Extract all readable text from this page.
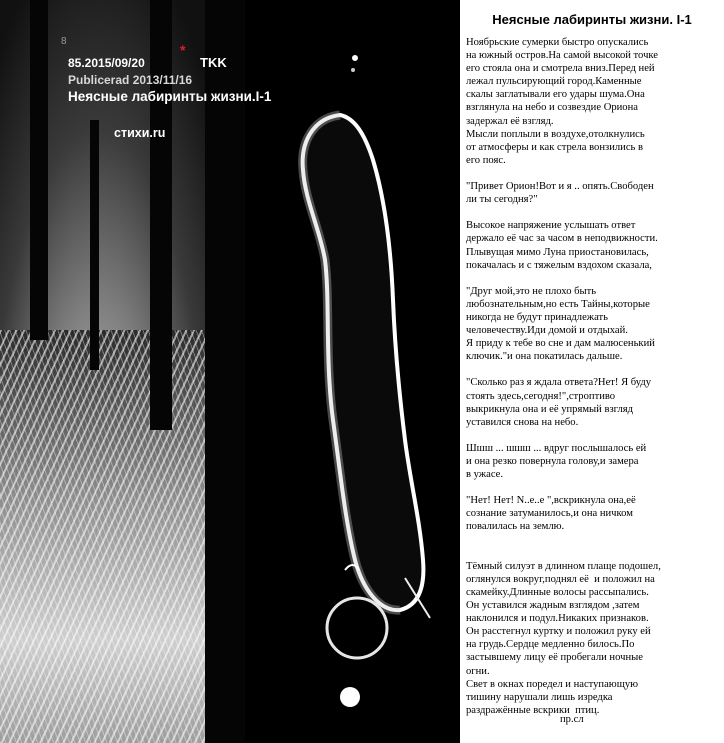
8
*
85.2015/09/20	TKK
Publicerad 2013/11/16
Неясные лабиринты жизни.I-1
стихи.ru
Неясные лабиринты жизни. I-1
Ноябрьские сумерки быстро опускались
на южный остров.На самой высокой точке
его стояла она и смотрела вниз.Перед ней
лежал пульсирующий город.Каменные
скалы заглатывали его удары шума.Она
взглянула на небо и созвездие Ориона
задержал её взгляд.
Мысли поплыли в воздухе,отолкнулись
от атмосферы и как стрела вонзились в
его пояс.

"Привет Орион!Вот и я .. опять.Свободен
ли ты сегодня?"

Высокое напряжение услышать ответ
держало её час за часом в неподвижности.
Плывущая мимо Луна приостановилась,
покачалась и с тяжелым вздохом сказала,

"Друг мой,это не плохо быть
любознательным,но есть Тайны,которые
никогда не будут принадлежать
человечеству.Иди домой и отдыхай.
Я приду к тебе во сне и дам малюсенький
ключик."и она покатилась дальше.

"Сколько раз я ждала ответа?Нет! Я буду
стоять здесь,сегодня!",строптиво
выкрикнула она и её упрямый взгляд
уставился снова на небо.

Шшш ... шшш ... вдруг послышалось ей
и она резко повернула голову,и замера
в ужасе.

"Нет! Нет! N..е..е ",вскрикнула она,её
сознание затуманилось,и она ничком
повалилась на землю.

Тёмный силуэт в длинном плаще подошел,
оглянулся вокруг,поднял её  и положил на
скамейку.Длинные волосы рассыпались.
Он уставился жадным взглядом ,затем
наклонился и подул.Никаких признаков.
Он расстегнул куртку и положил руку ей
на грудь.Сердце медленно билось.По
застывшему лицу её пробегали ночные
огни.
Свет в окнах поредел и наступающую
тишину нарушали лишь изредка
раздражённые вскрики  птиц.
пр.сл
